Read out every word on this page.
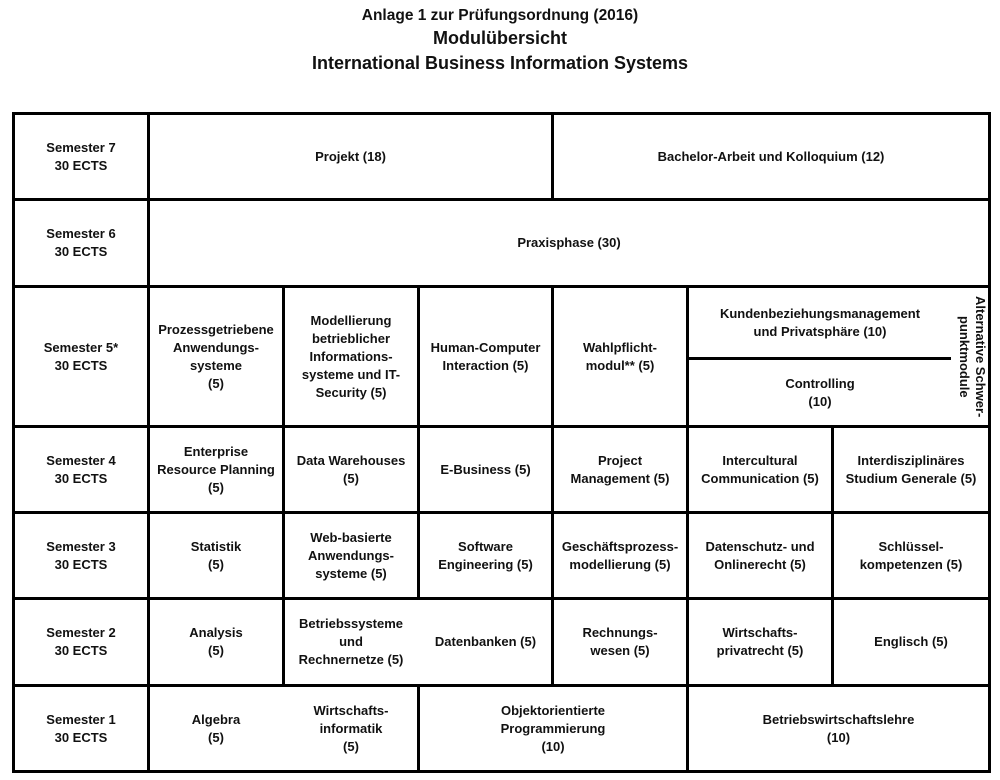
Anlage 1 zur Prüfungsordnung (2016)
Modulübersicht
International Business Information Systems
Semester 7
30 ECTS
Projekt (18)	Bachelor-Arbeit und Kolloquium (12)
Semester 6
30 ECTS
Praxisphase (30)
Semester 5*
30 ECTS
Prozessgetriebene
Anwendungs-
systeme
(5)
Modellierung
betrieblicher
Informations-
systeme und IT-
Security (5)
Human-Computer
Interaction (5)
Wahlpflicht-
modul** (5)
Kundenbeziehungsmanagement
und Privatsphäre (10)
Controlling
(10)
Alternative Schwer-
punktmodule
Semester 4
30 ECTS
Enterprise
Resource Planning
(5)
Data Warehouses
(5)
E-Business (5)
Project
Management (5)
Intercultural
Communication (5)
Interdisziplinäres
Studium Generale (5)
Semester 3
30 ECTS
Statistik
(5)
Web-basierte
Anwendungs-
systeme (5)
Software
Engineering (5)
Geschäftsprozess-
modellierung (5)
Datenschutz- und
Onlinerecht (5)
Schlüssel-
kompetenzen (5)
Semester 2
30 ECTS
Analysis
(5)
Betriebssysteme
und
Rechnernetze (5)
Datenbanken (5)
Rechnungs-
wesen (5)
Wirtschafts-
privatrecht (5)
Englisch (5)
Semester 1
30 ECTS
Algebra
(5)
Wirtschafts-
informatik
(5)
Objektorientierte
Programmierung
(10)
Betriebswirtschaftslehre
(10)
